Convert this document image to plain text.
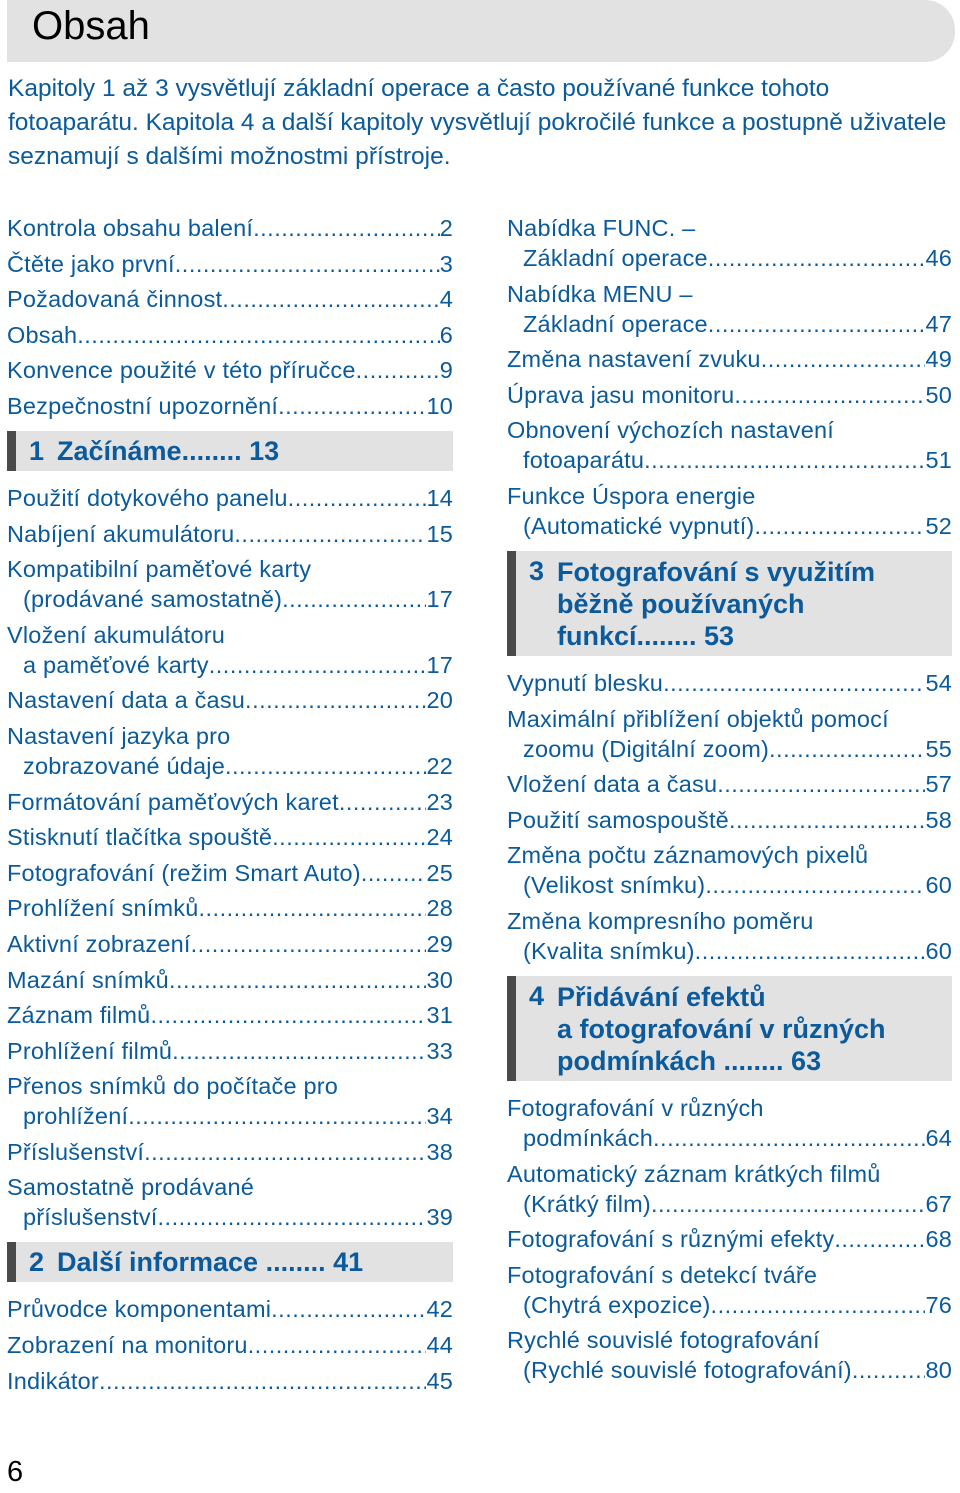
Obsah
Kapitoly 1 až 3 vysvětlují základní operace a často používané funkce tohoto fotoaparátu. Kapitola 4 a další kapitoly vysvětlují pokročilé funkce a postupně uživatele seznamují s dalšími možnostmi přístroje.
Kontrola obsahu balení .....	2
Čtěte jako první .....	3
Požadovaná činnost .....	4
Obsah .....	6
Konvence použité v této příručce .....	9
Bezpečnostní upozornění .....	10
1 Začínáme........ 13
Použití dotykového panelu .....	14
Nabíjení akumulátoru .....	15
Kompatibilní paměťové karty
(prodávané samostatně) .....	17
Vložení akumulátoru
a paměťové karty .....	17
Nastavení data a času .....	20
Nastavení jazyka pro
zobrazované údaje .....	22
Formátování paměťových karet .....	23
Stisknutí tlačítka spouště .....	24
Fotografování (režim Smart Auto) .....	25
Prohlížení snímků .....	28
Aktivní zobrazení .....	29
Mazání snímků .....	30
Záznam filmů .....	31
Prohlížení filmů .....	33
Přenos snímků do počítače pro
prohlížení .....	34
Příslušenství .....	38
Samostatně prodávané
příslušenství .....	39
2 Další informace ........ 41
Průvodce komponentami .....	42
Zobrazení na monitoru .....	44
Indikátor .....	45
Nabídka FUNC. –
Základní operace .....	46
Nabídka MENU –
Základní operace .....	47
Změna nastavení zvuku .....	49
Úprava jasu monitoru .....	50
Obnovení výchozích nastavení
fotoaparátu .....	51
Funkce Úspora energie
(Automatické vypnutí) .....	52
3 Fotografování s využitím
běžně používaných
funkcí........ 53
Vypnutí blesku .....	54
Maximální přiblížení objektů pomocí
zoomu (Digitální zoom) .....	55
Vložení data a času .....	57
Použití samospouště .....	58
Změna počtu záznamových pixelů
(Velikost snímku) .....	60
Změna kompresního poměru
(Kvalita snímku) .....	60
4 Přidávání efektů
a fotografování v různých
podmínkách ........ 63
Fotografování v různých
podmínkách .....	64
Automatický záznam krátkých filmů
(Krátký film) .....	67
Fotografování s různými efekty .....	68
Fotografování s detekcí tváře
(Chytrá expozice) .....	76
Rychlé souvislé fotografování
(Rychlé souvislé fotografování) .....	80
6
